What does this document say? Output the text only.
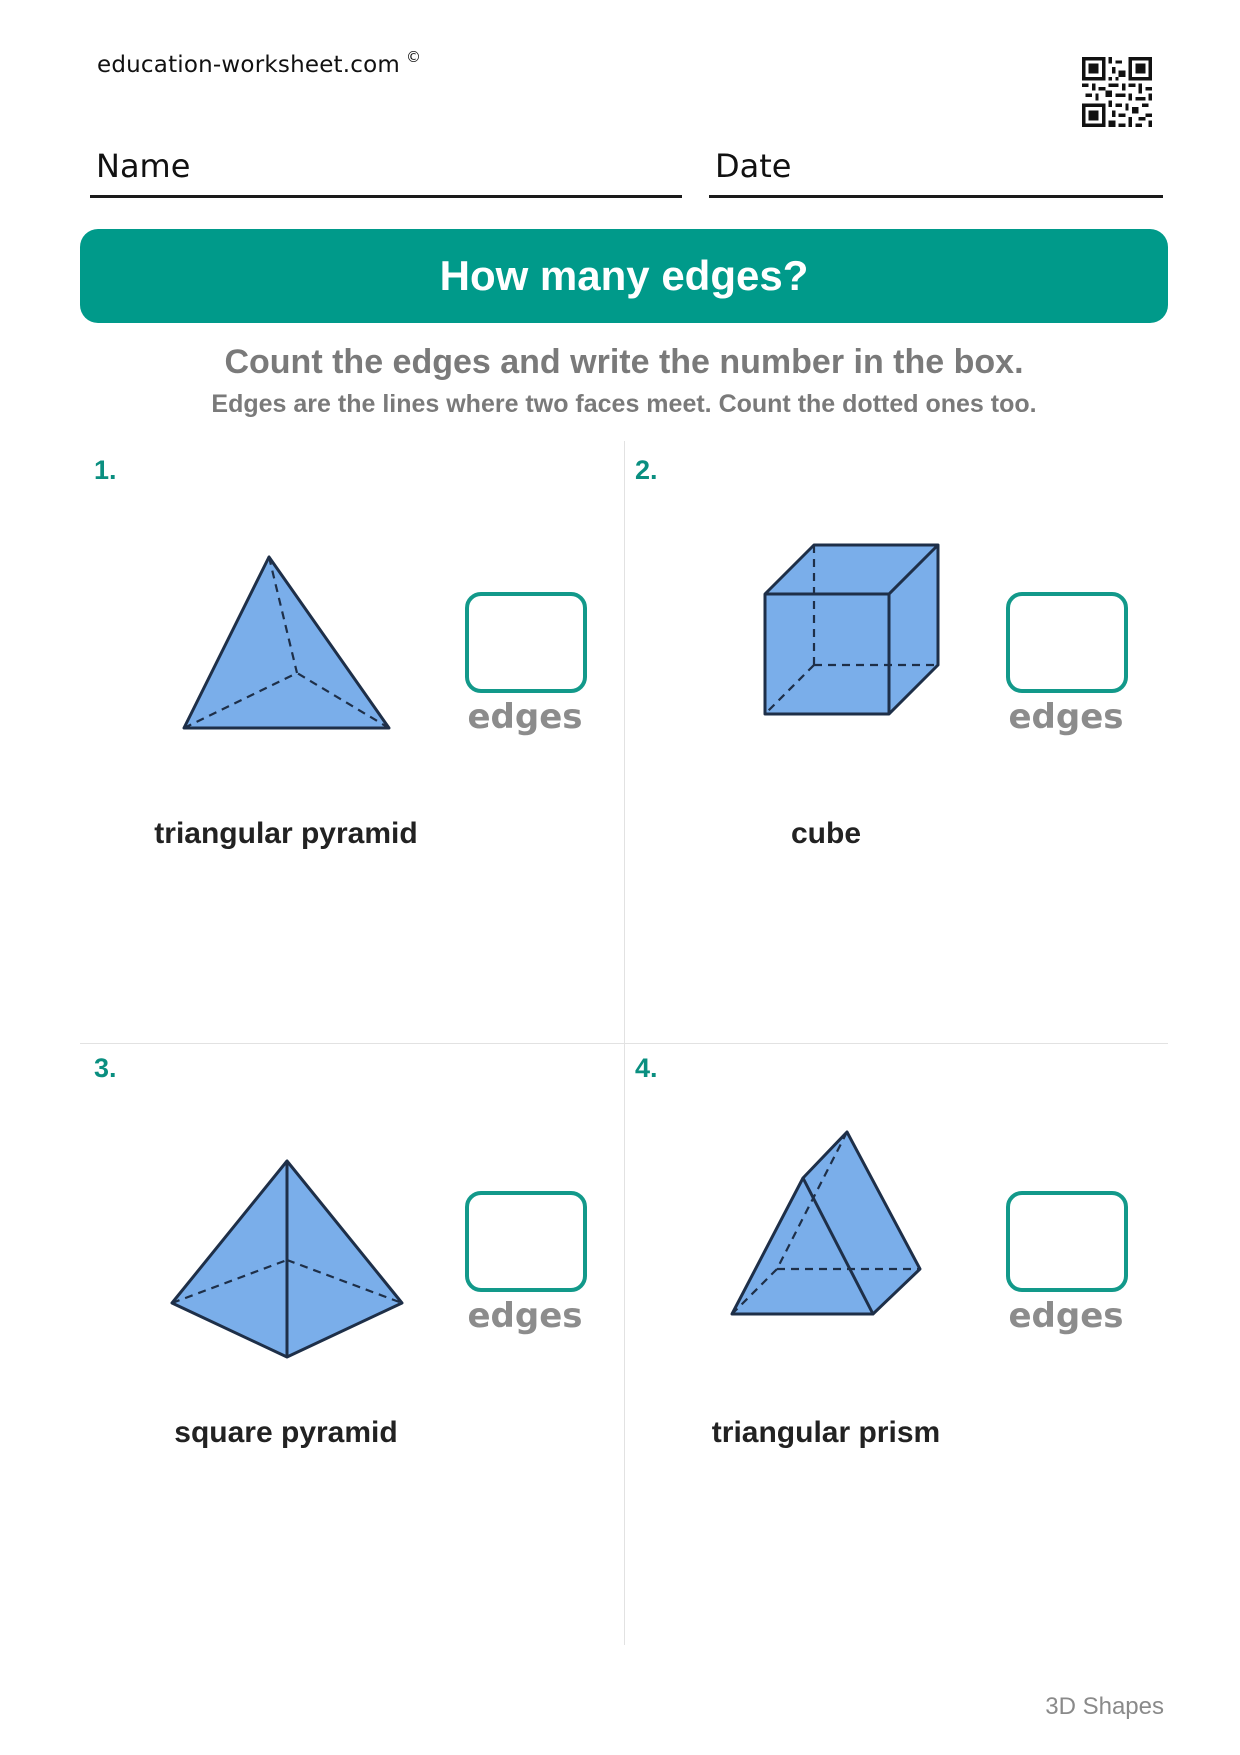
education-worksheet.com ©
Name	Date
How many edges?
Count the edges and write the number in the box.
Edges are the lines where two faces meet. Count the dotted ones too.
1.
edges
triangular pyramid
2.
edges
cube
3.
edges
square pyramid
4.
edges
triangular prism
3D Shapes
